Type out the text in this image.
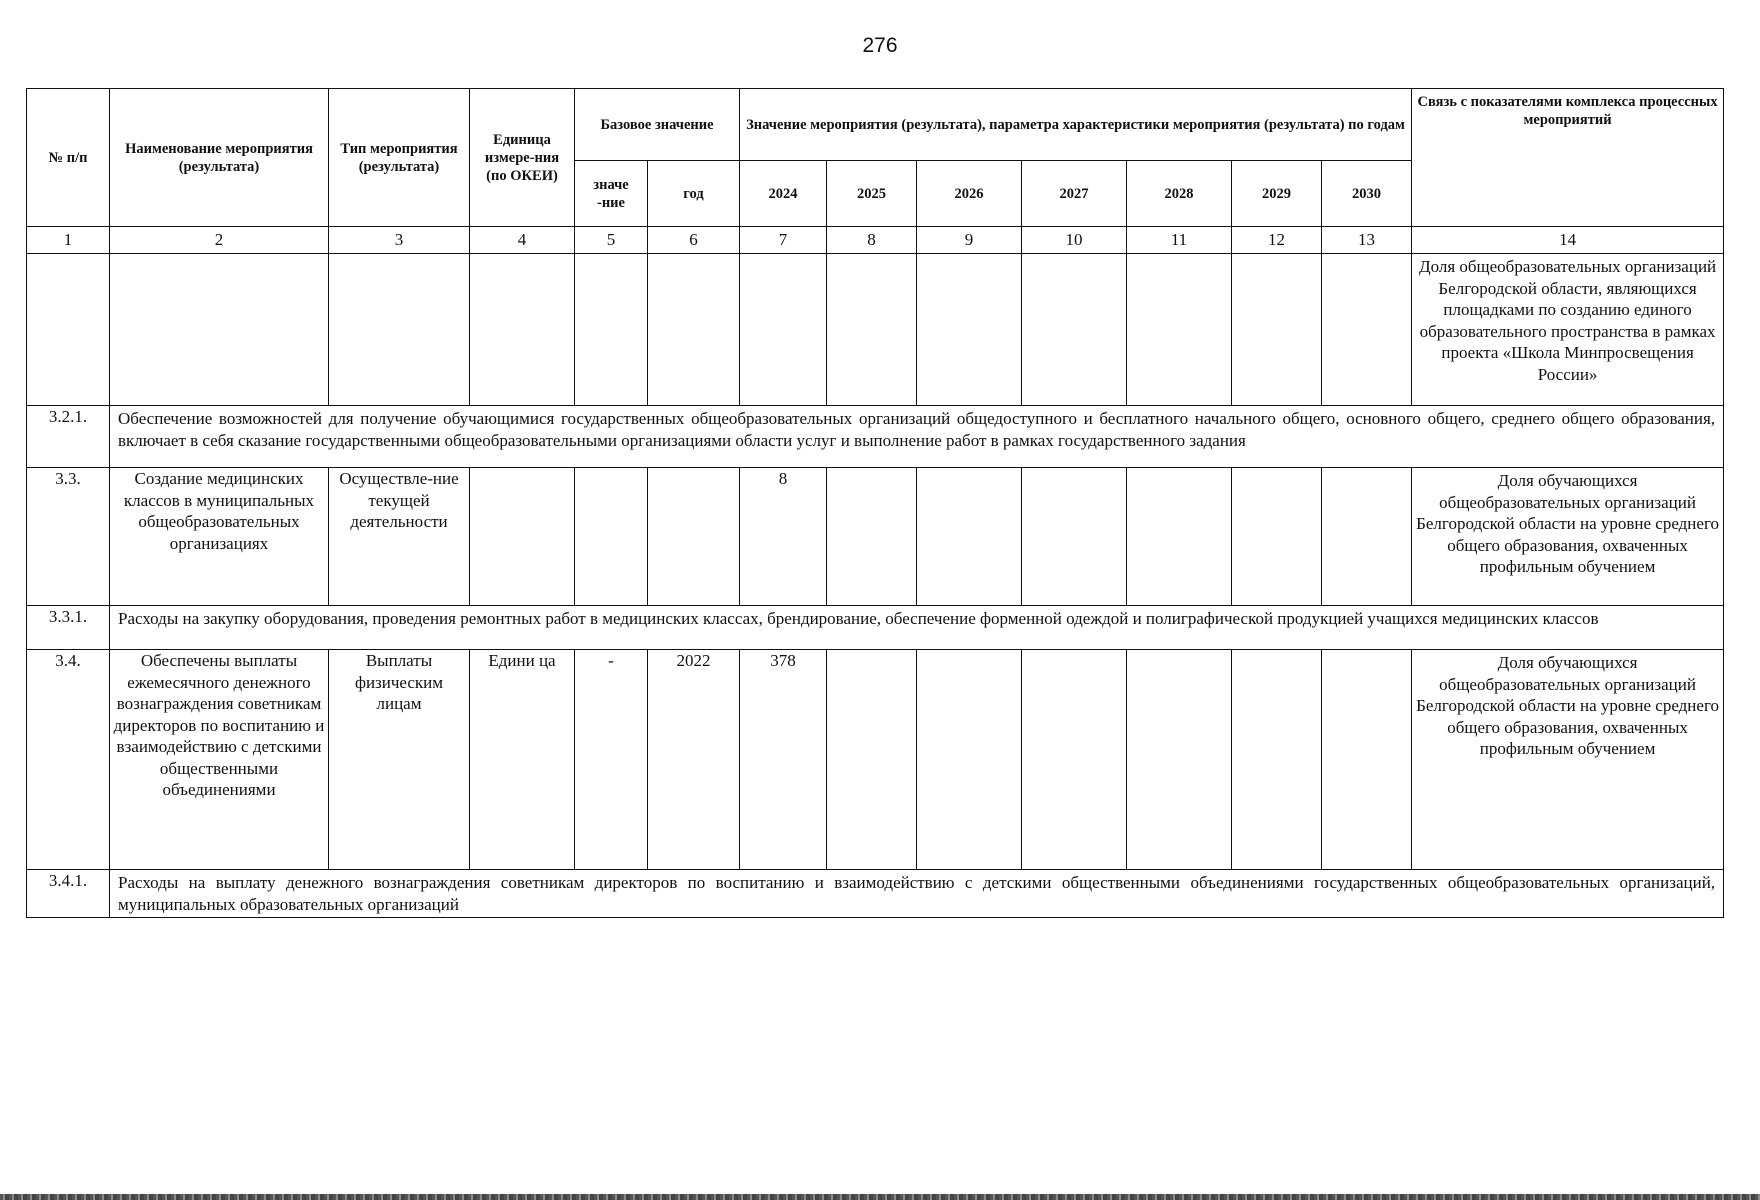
276
№ п/п	Наименование мероприятия (результата)	Тип мероприятия (результата)	Единица измере-ния (по ОКЕИ)	Базовое значение		Значение мероприятия (результата), параметра характеристики мероприятия (результата) по годам							Связь с показателями комплекса процессных мероприятий
				значе -ние	год	2024	2025	2026	2027	2028	2029	2030	
1	2	3	4	5	6	7	8	9	10	11	12	13	14
													Доля общеобразовательных организаций Белгородской области, являющихся площадками по созданию единого образовательного пространства в рамках проекта «Школа Минпросвещения России»
3.2.1.	Обеспечение возможностей для получение обучающимися государственных общеобразовательных организаций общедоступного и бесплатного начального общего, основного общего, среднего общего образования, включает в себя сказание государственными общеобразовательными организациями области услуг и выполнение работ в рамках государственного задания												
3.3.	Создание медицинских классов в муниципальных общеобразовательных организациях	Осуществле-ние текущей деятельности				8							Доля обучающихся общеобразовательных организаций Белгородской области на уровне среднего общего образования, охваченных профильным обучением
3.3.1.	Расходы на закупку оборудования, проведения ремонтных работ в медицинских классах, брендирование, обеспечение форменной одеждой и полиграфической продукцией учащихся медицинских классов												
3.4.	Обеспечены выплаты ежемесячного денежного вознаграждения советникам директоров по воспитанию и взаимодействию с детскими общественными объединениями	Выплаты физическим лицам	Едини ца	-	2022	378							Доля обучающихся общеобразовательных организаций Белгородской области на уровне среднего общего образования, охваченных профильным обучением
3.4.1.	Расходы на выплату денежного вознаграждения советникам директоров по воспитанию и взаимодействию с детскими общественными объединениями государственных общеобразовательных организаций, муниципальных образовательных организаций												
